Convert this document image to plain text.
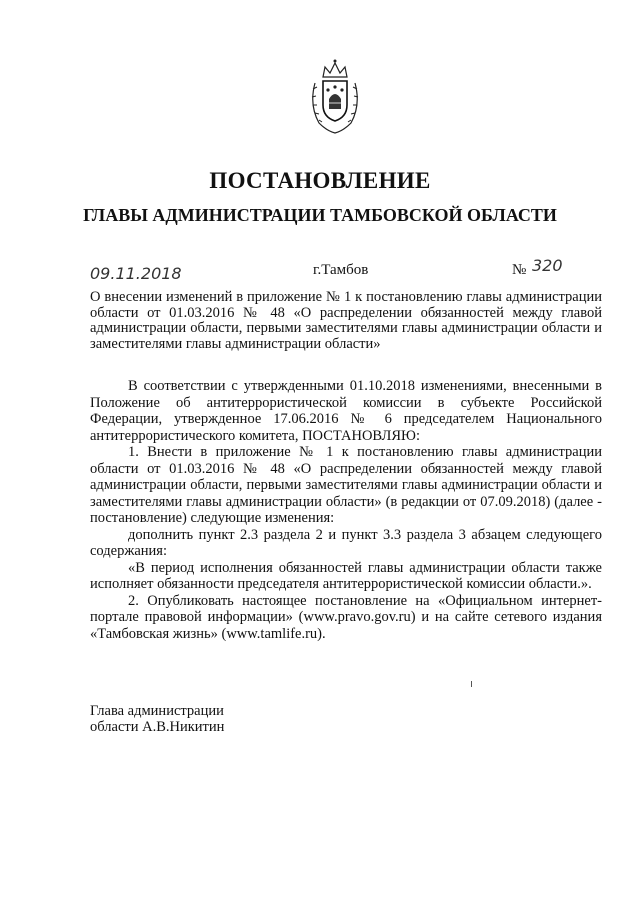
ПОСТАНОВЛЕНИЕ
ГЛАВЫ АДМИНИСТРАЦИИ ТАМБОВСКОЙ ОБЛАСТИ
09.11.2018	г.Тамбов	№ 320
О внесении изменений в приложение № 1 к постановлению главы администрации области от 01.03.2016 № 48 «О распределении обязанностей между главой администрации области, первыми заместителями главы администрации области и заместителями главы администрации области»

В соответствии с утвержденными 01.10.2018 изменениями, внесенными в Положение об антитеррористической комиссии в субъекте Российской Федерации, утвержденное 17.06.2016 № 6 председателем Национального антитеррористического комитета, ПОСТАНОВЛЯЮ:

1. Внести в приложение № 1 к постановлению главы администрации области от 01.03.2016 № 48 «О распределении обязанностей между главой администрации области, первыми заместителями главы администрации области и заместителями главы администрации области» (в редакции от 07.09.2018) (далее - постановление) следующие изменения:

дополнить пункт 2.3 раздела 2 и пункт 3.3 раздела 3 абзацем следующего содержания:

«В период исполнения обязанностей главы администрации области также исполняет обязанности председателя антитеррористической комиссии области.».

2. Опубликовать настоящее постановление на «Официальном интернет-портале правовой информации» (www.pravo.gov.ru) и на сайте сетевого издания «Тамбовская жизнь» (www.tamlife.ru).

Глава администрации
области А.В.Никитин
